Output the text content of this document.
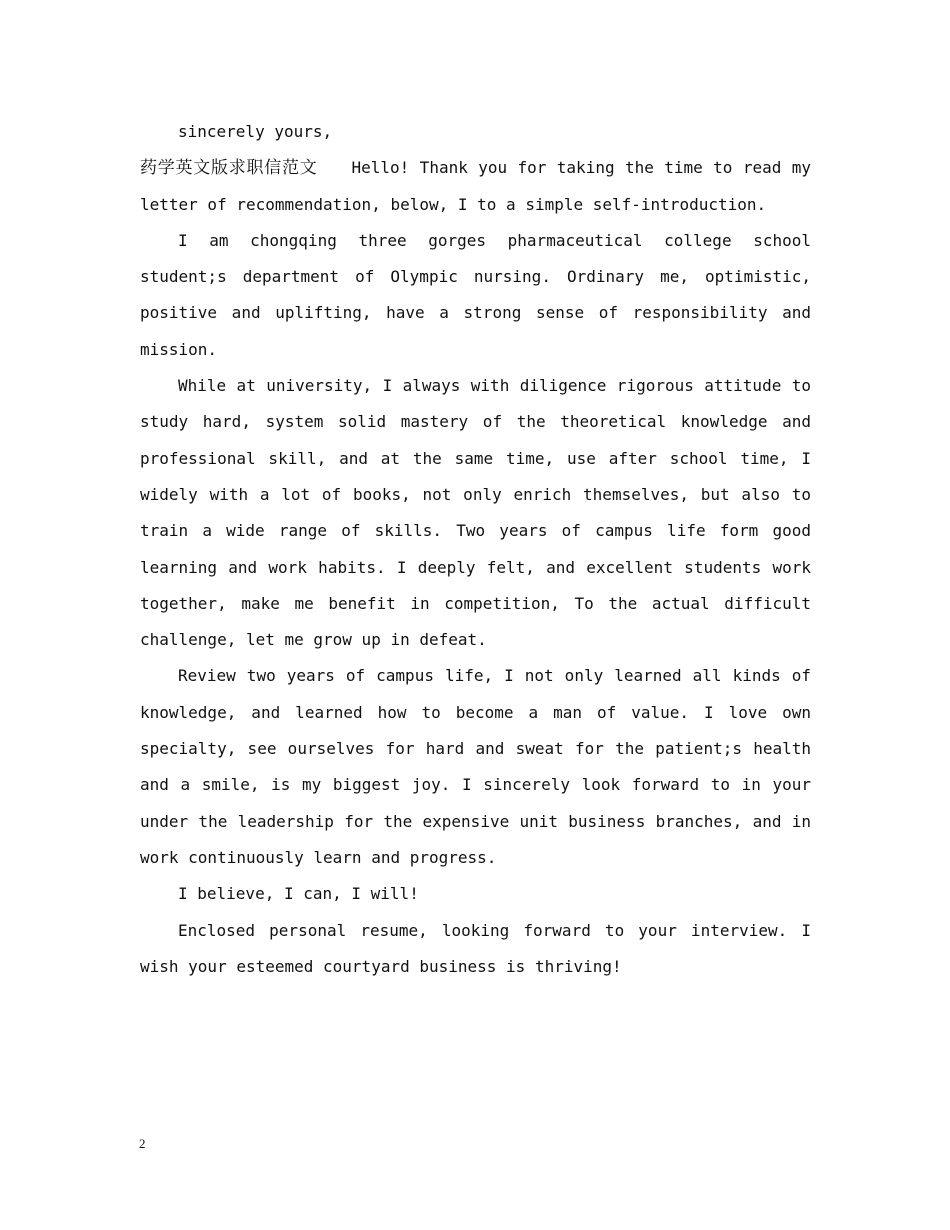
sincerely yours,

药学英文版求职信范文 Hello! Thank you for taking the time to read my letter of recommendation, below, I to a simple self-introduction.

I am chongqing three gorges pharmaceutical college school student;s department of Olympic nursing. Ordinary me, optimistic, positive and uplifting, have a strong sense of responsibility and mission.

While at university, I always with diligence rigorous attitude to study hard, system solid mastery of the theoretical knowledge and professional skill, and at the same time, use after school time, I widely with a lot of books, not only enrich themselves, but also to train a wide range of skills. Two years of campus life form good learning and work habits. I deeply felt, and excellent students work together, make me benefit in competition, To the actual difficult challenge, let me grow up in defeat.

Review two years of campus life, I not only learned all kinds of knowledge, and learned how to become a man of value. I love own specialty, see ourselves for hard and sweat for the patient;s health and a smile, is my biggest joy. I sincerely look forward to in your under the leadership for the expensive unit business branches, and in work continuously learn and progress.

I believe, I can, I will!

Enclosed personal resume, looking forward to your interview. I wish your esteemed courtyard business is thriving!

2
